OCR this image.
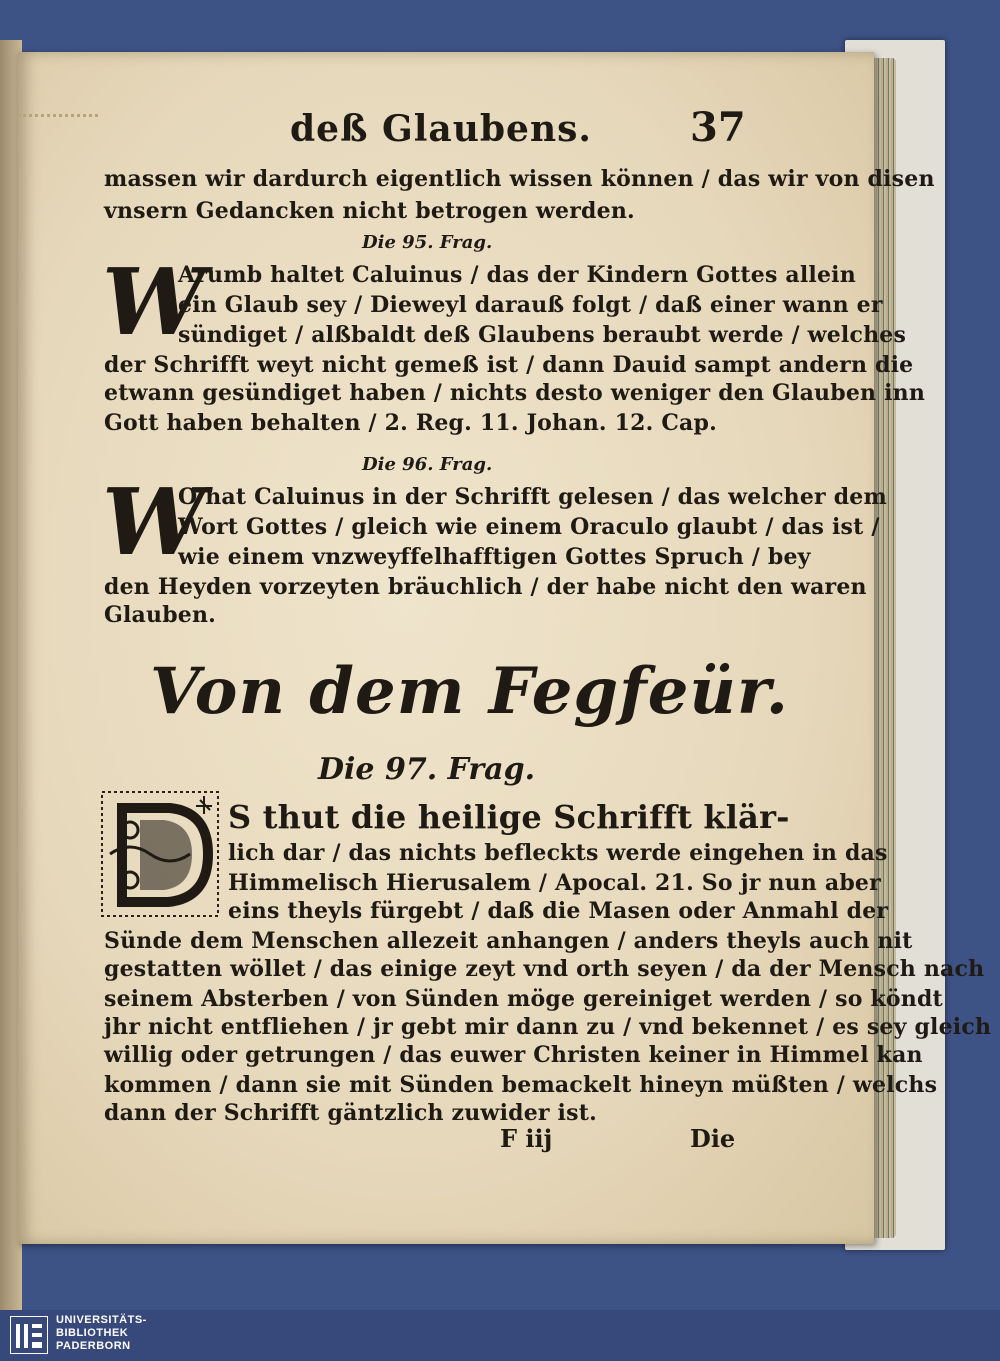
deß Glaubens. 37
massen wir dardurch eigentlich wissen können / das wir von disen
vnsern Gedancken nicht betrogen werden.
Die 95. Frag.
W
Arumb haltet Caluinus / das der Kindern Gottes allein
ein Glaub sey / Dieweyl darauß folgt / daß einer wann er
sündiget / alßbaldt deß Glaubens beraubt werde / welches
der Schrifft weyt nicht gemeß ist / dann Dauid sampt andern die
etwann gesündiget haben / nichts desto weniger den Glauben inn
Gott haben behalten / 2. Reg. 11. Johan. 12. Cap.
Die 96. Frag.
W
O hat Caluinus in der Schrifft gelesen / das welcher dem
Wort Gottes / gleich wie einem Oraculo glaubt / das ist /
wie einem vnzweyffelhafftigen Gottes Spruch / bey
den Heyden vorzeyten bräuchlich / der habe nicht den waren
Glauben.
Von dem Fegfeür.
Die 97. Frag.
S thut die heilige Schrifft klär-
lich dar / das nichts befleckts werde eingehen in das
Himmelisch Hierusalem / Apocal. 21. So jr nun aber
eins theyls fürgebt / daß die Masen oder Anmahl der
Sünde dem Menschen allezeit anhangen / anders theyls auch nit
gestatten wöllet / das einige zeyt vnd orth seyen / da der Mensch nach
seinem Absterben / von Sünden möge gereiniget werden / so köndt
jhr nicht entfliehen / jr gebt mir dann zu / vnd bekennet / es sey gleich
willig oder getrungen / das euwer Christen keiner in Himmel kan
kommen / dann sie mit Sünden bemackelt hineyn müßten / welchs
dann der Schrifft gäntzlich zuwider ist.
F iij	Die
UNIVERSITÄTS-
BIBLIOTHEK
PADERBORN
